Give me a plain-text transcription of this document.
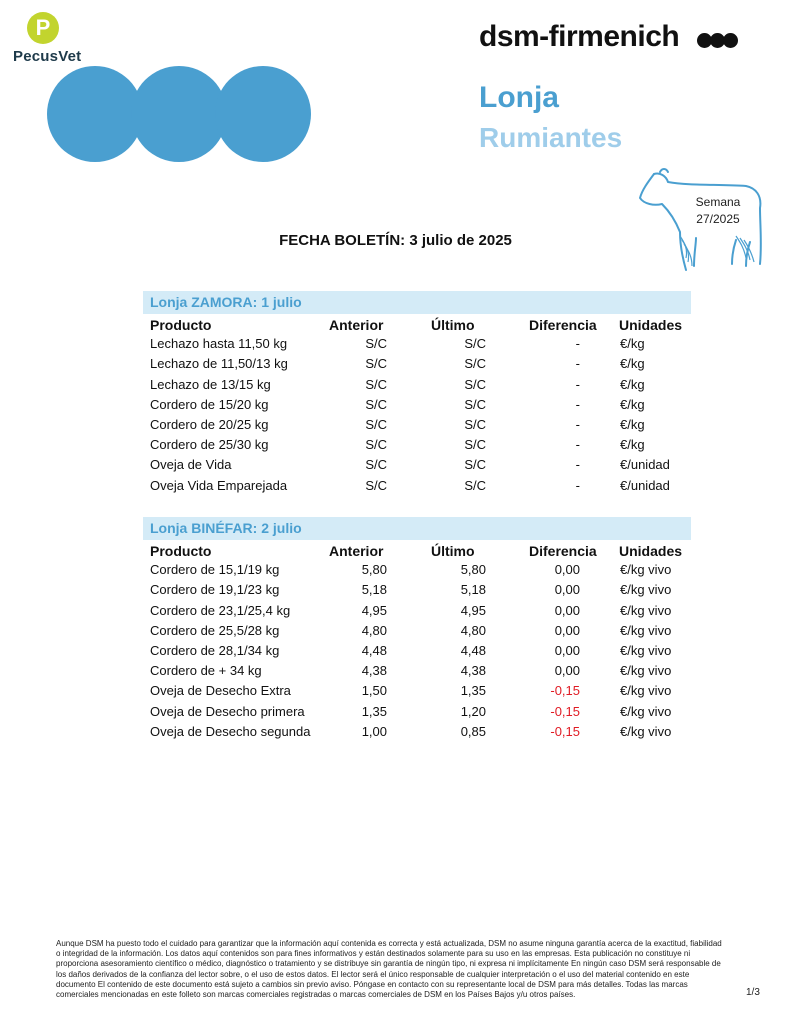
P
PecusVet
dsm-firmenich
Lonja
Rumiantes
Semana
27/2025
FECHA BOLETÍN: 3 julio de 2025
Lonja ZAMORA: 1 julio
Producto	Anterior	Último	Diferencia Unidades
Lechazo hasta 11,50 kg	S/C	S/C	-	€/kg
Lechazo de 11,50/13 kg	S/C	S/C	-	€/kg
Lechazo de 13/15 kg	S/C	S/C	-	€/kg
Cordero de 15/20 kg	S/C	S/C	-	€/kg
Cordero de 20/25 kg	S/C	S/C	-	€/kg
Cordero de 25/30 kg	S/C	S/C	-	€/kg
Oveja de Vida	S/C	S/C	-	€/unidad
Oveja Vida Emparejada	S/C	S/C	-	€/unidad
Lonja BINÉFAR: 2 julio
Producto	Anterior	Último	Diferencia Unidades
Cordero de 15,1/19 kg	5,80	5,80	0,00	€/kg vivo
Cordero de 19,1/23 kg	5,18	5,18	0,00	€/kg vivo
Cordero de 23,1/25,4 kg	4,95	4,95	0,00	€/kg vivo
Cordero de 25,5/28 kg	4,80	4,80	0,00	€/kg vivo
Cordero de 28,1/34 kg	4,48	4,48	0,00	€/kg vivo
Cordero de + 34 kg	4,38	4,38	0,00	€/kg vivo
Oveja de Desecho Extra	1,50	1,35	-0,15	€/kg vivo
Oveja de Desecho primera	1,35	1,20	-0,15	€/kg vivo
Oveja de Desecho segunda	1,00	0,85	-0,15	€/kg vivo
Aunque DSM ha puesto todo el cuidado para garantizar que la información aquí contenida es correcta y está actualizada, DSM no asume ninguna garantía acerca de la exactitud, fiabilidad o integridad de la información. Los datos aquí contenidos son para fines informativos y están destinados solamente para su uso en las empresas. Esta publicación no constituye ni proporciona asesoramiento científico o médico, diagnóstico o tratamiento y se distribuye sin garantía de ningún tipo, ni expresa ni implícitamente En ningún caso DSM será responsable de los daños derivados de la confianza del lector sobre, o el uso de estos datos. El lector será el único responsable de cualquier interpretación o el uso del material contenido en este documento El contenido de este documento está sujeto a cambios sin previo aviso. Póngase en contacto con su representante local de DSM para más detalles. Todas las marcas comerciales mencionadas en este folleto son marcas comerciales registradas o marcas comerciales de DSM en los Países Bajos y/u otros países.	1/3
